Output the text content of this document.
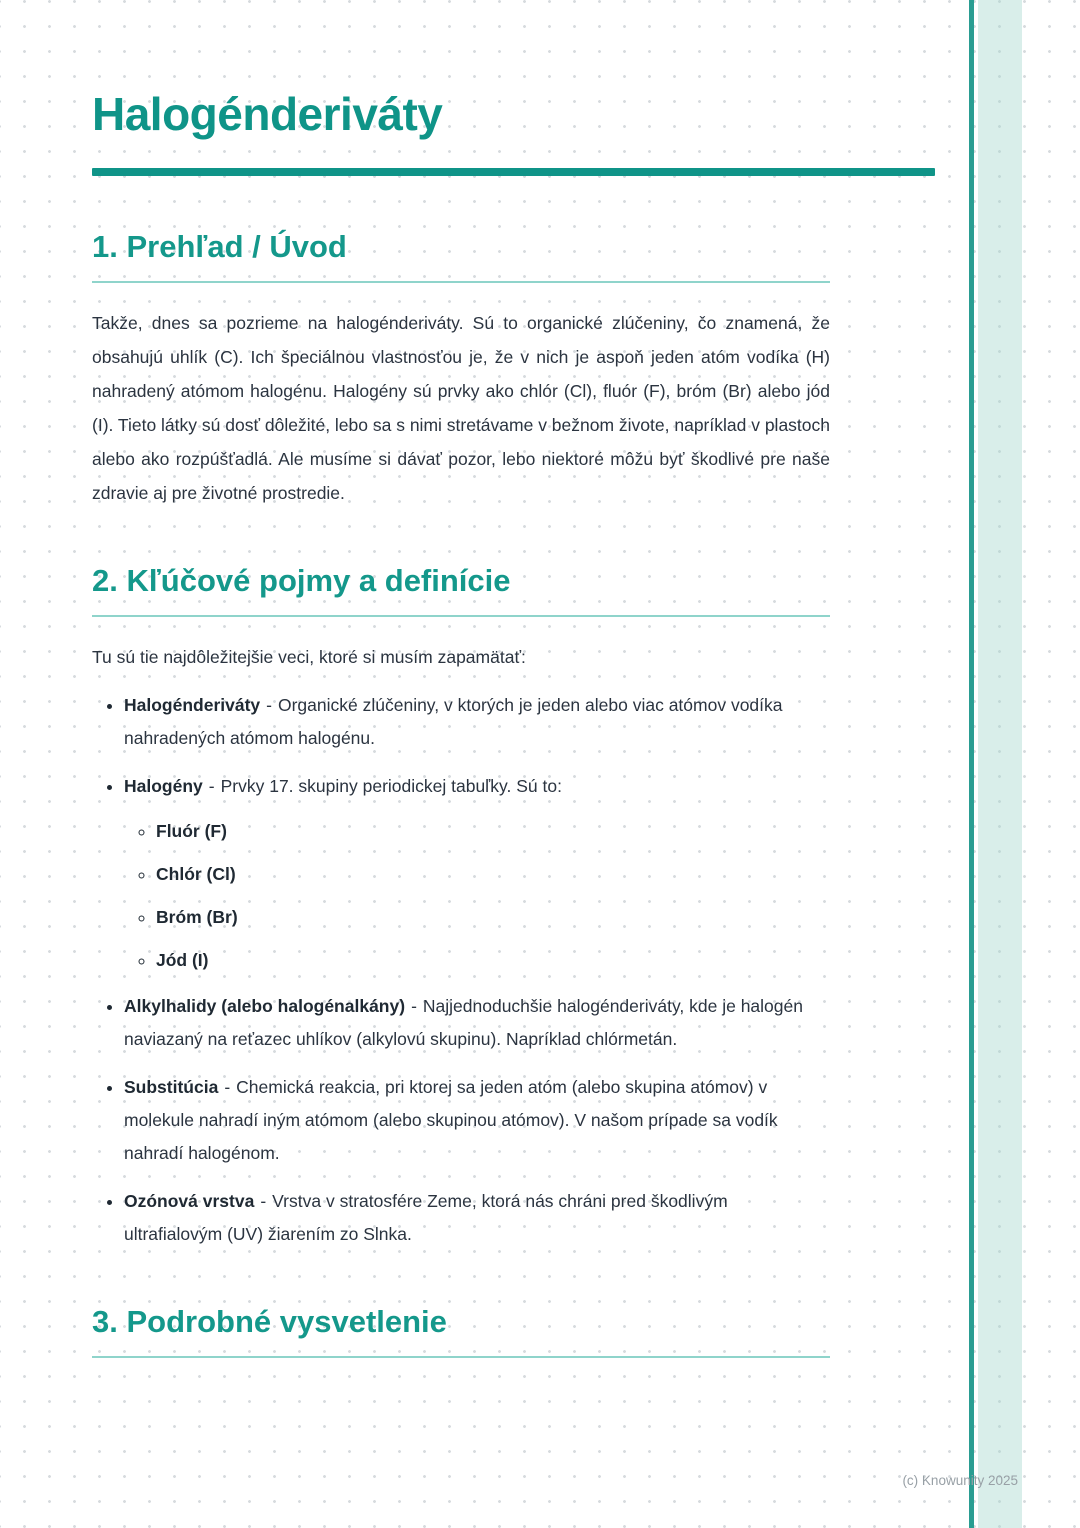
Halogénderiváty
1. Prehľad / Úvod

Takže, dnes sa pozrieme na halogénderiváty. Sú to organické zlúčeniny, čo znamená, že obsahujú uhlík (C). Ich špeciálnou vlastnosťou je, že v nich je aspoň jeden atóm vodíka (H) nahradený atómom halogénu. Halogény sú prvky ako chlór (Cl), fluór (F), bróm (Br) alebo jód (I). Tieto látky sú dosť dôležité, lebo sa s nimi stretávame v bežnom živote, napríklad v plastoch alebo ako rozpúšťadlá. Ale musíme si dávať pozor, lebo niektoré môžu byť škodlivé pre naše zdravie aj pre životné prostredie.

2. Kľúčové pojmy a definície

Tu sú tie najdôležitejšie veci, ktoré si musím zapamätať:

• Halogénderiváty - Organické zlúčeniny, v ktorých je jeden alebo viac atómov vodíka nahradených atómom halogénu.
• Halogény - Prvky 17. skupiny periodickej tabuľky. Sú to:
◦ Fluór (F)
◦ Chlór (Cl)
◦ Bróm (Br)
◦ Jód (I)
• Alkylhalidy (alebo halogénalkány) - Najjednoduchšie halogénderiváty, kde je halogén naviazaný na reťazec uhlíkov (alkylovú skupinu). Napríklad chlórmetán.
• Substitúcia - Chemická reakcia, pri ktorej sa jeden atóm (alebo skupina atómov) v molekule nahradí iným atómom (alebo skupinou atómov). V našom prípade sa vodík nahradí halogénom.
• Ozónová vrstva - Vrstva v stratosfére Zeme, ktorá nás chráni pred škodlivým ultrafialovým (UV) žiarením zo Slnka.
3. Podrobné vysvetlenie
(c) Knowunity 2025
